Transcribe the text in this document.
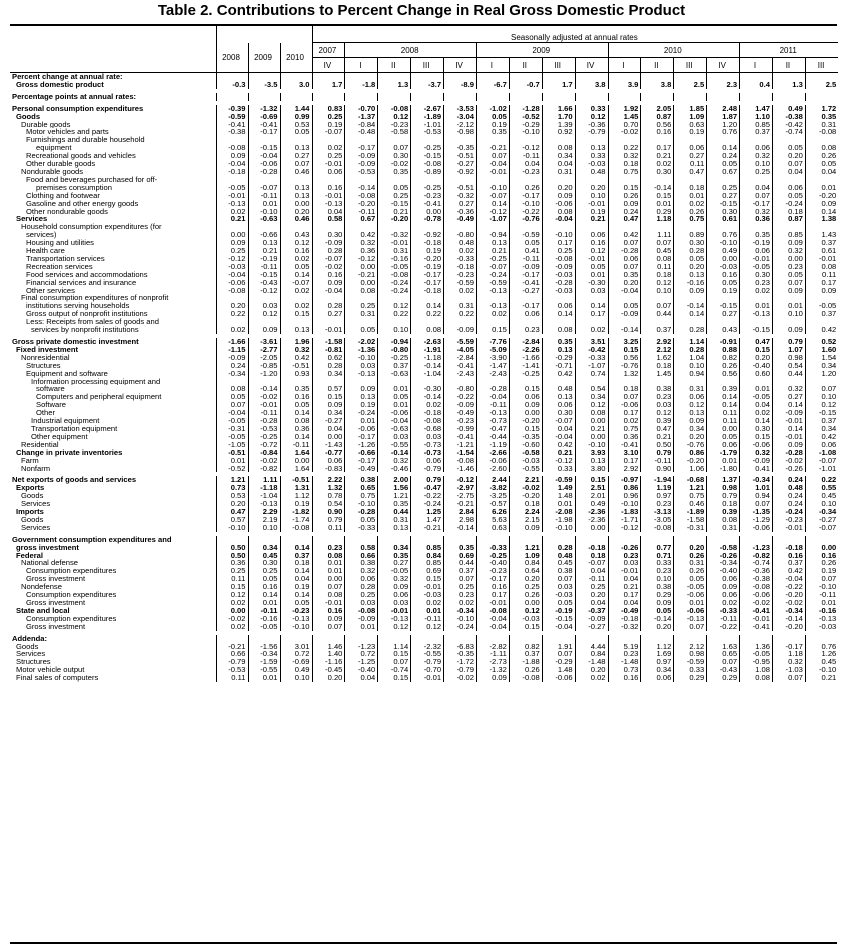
Table 2. Contributions to Percent Change in Real Gross Domestic Product
				Seasonally adjusted at annual rates															
	2008	2009	2010	2007	2008				2009				2010				2011		
				IV	I	II	III	IV	I	II	III	IV	I	II	III	IV	I	II	III
Percent change at annual rate:																			
Gross domestic product	-0.3	-3.5	3.0	1.7	-1.8	1.3	-3.7	-8.9	-6.7	-0.7	1.7	3.8	3.9	3.8	2.5	2.3	0.4	1.3	2.5

Percentage points at annual rates:																			

Personal consumption expenditures	-0.39	-1.32	1.44	0.83	-0.70	-0.08	-2.67	-3.53	-1.02	-1.28	1.66	0.33	1.92	2.05	1.85	2.48	1.47	0.49	1.72
Goods	-0.59	-0.69	0.99	0.25	-1.37	0.12	-1.89	-3.04	0.05	-0.52	1.70	0.12	1.45	0.87	1.09	1.87	1.10	-0.38	0.35
Durable goods	-0.41	-0.41	0.53	0.19	-0.84	-0.23	-1.01	-2.12	0.19	-0.29	1.39	-0.36	0.70	0.56	0.63	1.20	0.85	-0.42	0.31
Motor vehicles and parts	-0.38	-0.17	0.05	-0.07	-0.48	-0.58	-0.53	-0.98	0.35	-0.10	0.92	-0.79	-0.02	0.16	0.19	0.76	0.37	-0.74	-0.08
Furnishings and durable household																			
equipment	-0.08	-0.15	0.13	0.02	-0.17	0.07	-0.25	-0.35	-0.21	-0.12	0.08	0.13	0.22	0.17	0.06	0.14	0.06	0.05	0.08
Recreational goods and vehicles	0.09	-0.04	0.27	0.25	-0.09	0.30	-0.15	-0.51	0.07	-0.11	0.34	0.33	0.32	0.21	0.27	0.24	0.32	0.20	0.26
Other durable goods	-0.04	-0.06	0.07	-0.01	-0.09	-0.02	-0.08	-0.27	-0.04	0.04	0.04	-0.03	0.18	0.02	0.11	0.05	0.10	0.07	0.05
Nondurable goods	-0.18	-0.28	0.46	0.06	-0.53	0.35	-0.89	-0.92	-0.01	-0.23	0.31	0.48	0.75	0.30	0.47	0.67	0.25	0.04	0.04
Food and beverages purchased for off-																			
premises consumption	-0.05	-0.07	0.13	0.16	-0.14	0.05	-0.25	-0.51	-0.10	0.26	0.20	0.20	0.15	-0.14	0.18	0.25	0.04	0.06	0.01
Clothing and footwear	-0.01	-0.11	0.13	-0.01	-0.08	0.25	-0.23	-0.32	-0.07	-0.17	0.09	0.10	0.26	0.15	0.01	0.27	0.07	0.05	-0.20
Gasoline and other energy goods	-0.13	0.01	0.00	-0.13	-0.20	-0.15	-0.41	0.27	0.14	-0.10	-0.06	-0.01	0.09	0.01	0.02	-0.15	-0.17	-0.24	0.09
Other nondurable goods	0.02	-0.10	0.20	0.04	-0.11	0.21	0.00	-0.36	-0.12	-0.22	0.08	0.19	0.24	0.29	0.26	0.30	0.32	0.18	0.14
Services	0.21	-0.63	0.46	0.58	0.67	-0.20	-0.78	-0.49	-1.07	-0.76	-0.04	0.21	0.47	1.18	0.75	0.61	0.36	0.87	1.38
Household consumption expenditures (for																			
services)	0.00	-0.66	0.43	0.30	0.42	-0.32	-0.92	-0.80	-0.94	-0.59	-0.10	0.06	0.42	1.11	0.89	0.76	0.35	0.85	1.43
Housing and utilities	0.09	0.13	0.12	-0.09	0.32	-0.01	-0.18	0.48	0.13	0.05	0.17	0.16	0.07	0.07	0.30	-0.10	-0.19	0.09	0.37
Health care	0.25	0.21	0.16	0.28	0.36	0.31	0.19	0.02	0.21	0.41	0.25	0.12	-0.28	0.45	0.28	0.49	0.06	0.32	0.61
Transportation services	-0.12	-0.19	0.02	-0.07	-0.12	-0.16	-0.20	-0.33	-0.25	-0.11	-0.08	-0.01	0.06	0.08	0.05	0.00	-0.01	0.00	-0.01
Recreation services	-0.03	-0.11	0.05	-0.02	0.00	-0.05	-0.19	-0.18	-0.07	-0.09	-0.09	0.05	0.07	0.11	0.20	-0.03	-0.05	0.23	0.08
Food services and accommodations	-0.04	-0.15	0.14	0.16	-0.21	-0.08	-0.17	-0.23	-0.24	-0.17	-0.03	0.01	0.35	0.18	0.13	0.16	0.30	0.05	0.11
Financial services and insurance	-0.06	-0.43	-0.07	0.09	0.00	-0.24	-0.17	-0.59	-0.59	-0.41	-0.28	-0.30	0.20	0.12	-0.16	0.05	0.23	0.07	0.17
Other services	-0.08	-0.12	0.02	-0.04	0.08	-0.24	-0.18	0.02	-0.13	-0.27	-0.03	0.03	-0.04	0.10	0.09	0.19	0.02	0.09	0.09
Final consumption expenditures of nonprofit																			
institutions serving households	0.20	0.03	0.02	0.28	0.25	0.12	0.14	0.31	-0.13	-0.17	0.06	0.14	0.05	0.07	-0.14	-0.15	0.01	0.01	-0.05
Gross output of nonprofit institutions	0.22	0.12	0.15	0.27	0.31	0.22	0.22	0.22	0.02	0.06	0.14	0.17	-0.09	0.44	0.14	0.27	-0.13	0.10	0.37
Less: Receipts from sales of goods and																			
services by nonprofit institutions	0.02	0.09	0.13	-0.01	0.05	0.10	0.08	-0.09	0.15	0.23	0.08	0.02	-0.14	0.37	0.28	0.43	-0.15	0.09	0.42

Gross private domestic investment	-1.66	-3.61	1.96	-1.58	-2.02	-0.94	-2.63	-5.59	-7.76	-2.84	0.35	3.51	3.25	2.92	1.14	-0.91	0.47	0.79	0.52
Fixed investment	-1.15	-2.77	0.32	-0.81	-1.36	-0.80	-1.91	-4.05	-5.09	-2.26	0.13	-0.42	0.15	2.12	0.28	0.88	0.15	1.07	1.60
Nonresidential	-0.09	-2.05	0.42	0.62	-0.10	-0.25	-1.18	-2.84	-3.90	-1.66	-0.29	-0.33	0.56	1.62	1.04	0.82	0.20	0.98	1.54
Structures	0.24	-0.85	-0.51	0.28	0.03	0.37	-0.14	-0.41	-1.47	-1.41	-0.71	-1.07	-0.76	0.18	0.10	0.26	-0.40	0.54	0.34
Equipment and software	-0.34	-1.20	0.93	0.34	-0.13	-0.63	-1.04	-2.43	-2.43	-0.25	0.42	0.74	1.32	1.45	0.94	0.56	0.60	0.44	1.20
Information processing equipment and																			
software	0.08	-0.14	0.35	0.57	0.09	0.01	-0.30	-0.80	-0.28	0.15	0.48	0.54	0.18	0.38	0.31	0.39	0.01	0.32	0.07
Computers and peripheral equipment	0.05	-0.02	0.16	0.15	0.13	0.05	-0.14	-0.22	-0.04	0.06	0.13	0.34	0.07	0.23	0.06	0.14	-0.05	0.27	0.10
Software	0.07	-0.01	0.05	0.09	0.19	0.01	0.02	-0.09	-0.11	0.09	0.06	0.12	-0.06	0.03	0.12	0.14	0.04	0.14	0.12
Other	-0.04	-0.11	0.14	0.34	-0.24	-0.06	-0.18	-0.49	-0.13	0.00	0.30	0.08	0.17	0.12	0.13	0.11	0.02	-0.09	-0.15
Industrial equipment	-0.05	-0.28	0.08	-0.27	0.01	-0.04	-0.08	-0.23	-0.73	-0.20	-0.07	0.00	0.02	0.39	0.09	0.11	0.14	-0.01	0.37
Transportation equipment	-0.31	-0.53	0.36	0.04	-0.06	-0.63	-0.68	-0.99	-0.47	0.15	0.04	0.21	0.75	0.47	0.34	0.00	0.30	0.14	0.34
Other equipment	-0.05	-0.25	0.14	0.00	-0.17	0.03	0.03	-0.41	-0.44	-0.35	-0.04	0.00	0.36	0.21	0.20	0.05	0.15	-0.01	0.42
Residential	-1.05	-0.72	-0.11	-1.43	-1.26	-0.55	-0.73	-1.21	-1.19	-0.60	0.42	-0.10	-0.41	0.50	-0.76	0.06	-0.06	0.09	0.06
Change in private inventories	-0.51	-0.84	1.64	-0.77	-0.66	-0.14	-0.73	-1.54	-2.66	-0.58	0.21	3.93	3.10	0.79	0.86	-1.79	0.32	-0.28	-1.08
Farm	0.01	-0.02	0.00	0.06	-0.17	0.32	0.06	-0.08	-0.06	-0.03	-0.12	0.13	0.17	-0.11	-0.20	0.01	-0.09	-0.02	-0.07
Nonfarm	-0.52	-0.82	1.64	-0.83	-0.49	-0.46	-0.79	-1.46	-2.60	-0.55	0.33	3.80	2.92	0.90	1.06	-1.80	0.41	-0.26	-1.01

Net exports of goods and services	1.21	1.11	-0.51	2.22	0.38	2.00	0.79	-0.12	2.44	2.21	-0.59	0.15	-0.97	-1.94	-0.68	1.37	-0.34	0.24	0.22
Exports	0.73	-1.18	1.31	1.32	0.65	1.56	-0.47	-2.97	-3.82	-0.02	1.49	2.51	0.86	1.19	1.21	0.98	1.01	0.48	0.55
Goods	0.53	-1.04	1.12	0.78	0.75	1.21	-0.22	-2.75	-3.25	-0.20	1.48	2.01	0.96	0.97	0.75	0.79	0.94	0.24	0.45
Services	0.20	-0.13	0.19	0.54	-0.10	0.35	-0.24	-0.21	-0.57	0.18	0.01	0.49	-0.10	0.23	0.46	0.18	0.07	0.24	0.10
Imports	0.47	2.29	-1.82	0.90	-0.28	0.44	1.25	2.84	6.26	2.24	-2.08	-2.36	-1.83	-3.13	-1.89	0.39	-1.35	-0.24	-0.34
Goods	0.57	2.19	-1.74	0.79	0.05	0.31	1.47	2.98	5.63	2.15	-1.98	-2.36	-1.71	-3.05	-1.58	0.08	-1.29	-0.23	-0.27
Services	-0.10	0.10	-0.08	0.11	-0.33	0.13	-0.21	-0.14	0.63	0.09	-0.10	0.00	-0.12	-0.08	-0.31	0.31	-0.06	-0.01	-0.07

Government consumption expenditures and																			
gross investment	0.50	0.34	0.14	0.23	0.58	0.34	0.85	0.35	-0.33	1.21	0.28	-0.18	-0.26	0.77	0.20	-0.58	-1.23	-0.18	0.00
Federal	0.50	0.45	0.37	0.08	0.66	0.35	0.84	0.69	-0.25	1.09	0.48	0.18	0.23	0.71	0.26	-0.26	-0.82	0.16	0.16
National defense	0.36	0.30	0.18	0.01	0.38	0.27	0.85	0.44	-0.40	0.84	0.45	-0.07	0.03	0.33	0.31	-0.34	-0.74	0.37	0.26
Consumption expenditures	0.25	0.25	0.14	0.01	0.32	-0.05	0.69	0.37	-0.23	0.64	0.38	0.04	-0.01	0.23	0.26	-0.40	-0.36	0.42	0.19
Gross investment	0.11	0.05	0.04	0.00	0.06	0.32	0.15	0.07	-0.17	0.20	0.07	-0.11	0.04	0.10	0.05	0.06	-0.38	-0.04	0.07
Nondefense	0.15	0.16	0.19	0.07	0.28	0.09	-0.01	0.25	0.16	0.25	0.03	0.25	0.21	0.38	-0.05	0.09	-0.08	-0.22	-0.10
Consumption expenditures	0.12	0.14	0.14	0.08	0.25	0.06	-0.03	0.23	0.17	0.26	-0.03	0.20	0.17	0.29	-0.06	0.06	-0.06	-0.20	-0.11
Gross investment	0.02	0.01	0.05	-0.01	0.03	0.03	0.02	0.02	-0.01	0.00	0.05	0.04	0.04	0.09	0.01	0.02	-0.02	-0.02	0.01
State and local	0.00	-0.11	-0.23	0.16	-0.08	-0.01	0.01	-0.34	-0.08	0.12	-0.19	-0.37	-0.49	0.05	-0.06	-0.33	-0.41	-0.34	-0.16
Consumption expenditures	-0.02	-0.16	-0.13	0.09	-0.09	-0.13	-0.11	-0.10	-0.04	-0.03	-0.15	-0.09	-0.18	-0.14	-0.13	-0.11	-0.01	-0.14	-0.13
Gross investment	0.02	-0.05	-0.10	0.07	0.01	0.12	0.12	-0.24	-0.04	0.15	-0.04	-0.27	-0.32	0.20	0.07	-0.22	-0.41	-0.20	-0.03

Addenda:																			
Goods	-0.21	-1.56	3.01	1.46	-1.23	1.14	-2.32	-6.83	-2.82	0.82	1.91	4.44	5.19	1.12	2.12	1.63	1.36	-0.17	0.76
Services	0.66	-0.34	0.72	1.40	0.72	0.15	-0.55	-0.35	-1.11	0.37	0.07	0.84	0.23	1.69	0.98	0.65	-0.05	1.18	1.26
Structures	-0.79	-1.59	-0.69	-1.16	-1.25	0.07	-0.79	-1.72	-2.73	-1.88	-0.29	-1.48	-1.48	0.97	-0.59	0.07	-0.95	0.32	0.45
Motor vehicle output	-0.53	-0.55	0.49	-0.45	-0.40	-0.74	-0.70	-0.79	-1.32	0.26	1.48	0.20	0.73	0.34	0.33	-0.43	1.08	-1.03	-0.10
Final sales of computers	0.11	0.01	0.10	0.20	0.04	0.15	-0.01	-0.02	0.09	-0.08	-0.06	0.02	0.16	0.06	0.29	0.29	0.08	0.07	0.21
